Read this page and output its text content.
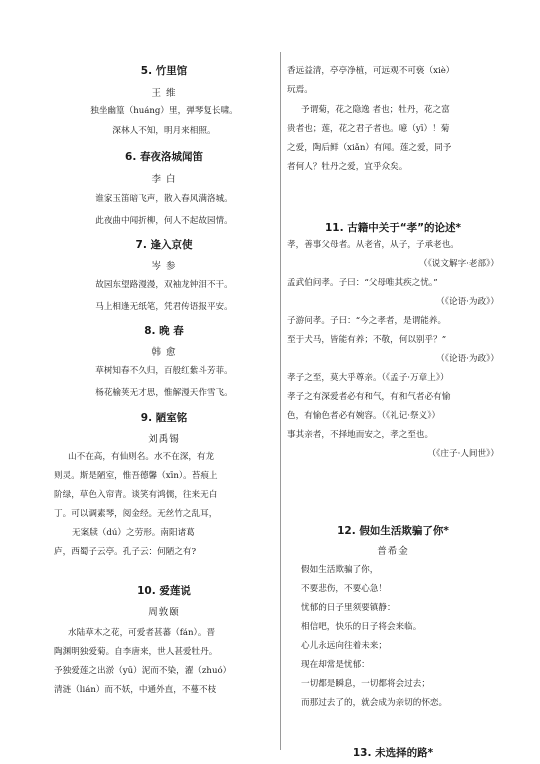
5. 竹里馆
王 维
独坐幽篁（huáng）里，弹琴复长啸。
深林人不知，明月来相照。
6. 春夜洛城闻笛
李 白
谁家玉笛暗飞声，散入春风满洛城。
此夜曲中闻折柳，何人不起故园情。
7. 逢入京使
岑 参
故园东望路漫漫，双袖龙钟泪不干。
马上相逢无纸笔，凭君传语报平安。
8. 晚 春
韩 愈
草树知春不久归，百般红紫斗芳菲。
杨花榆荚无才思，惟解漫天作雪飞。
9. 陋室铭
刘禹锡
山不在高，有仙则名。水不在深，有龙
则灵。斯是陋室，惟吾德馨（xīn）。苔痕上
阶绿，草色入帘青。谈笑有鸿儒，往来无白
丁。可以调素琴，阅金经。无丝竹之乱耳，
无案牍（dú）之劳形。南阳诸葛
庐，西蜀子云亭。孔子云：何陋之有?
10. 爱莲说
周敦颐
水陆草木之花，可爱者甚蕃（fán）。晋
陶渊明独爱菊。自李唐来，世人甚爱牡丹。
予独爱莲之出淤（yū）泥而不染，濯（zhuó）
清涟（lián）而不妖，中通外直，不蔓不枝
香远益清，亭亭净植，可远观不可亵（xiè）
玩焉。
予谓菊，花之隐逸 者也；牡丹，花之富
贵者也；莲，花之君子者也。噫（yī）！菊
之爱，陶后鲜（xiǎn）有闻。莲之爱，同予
者何人？牡丹之爱，宜乎众矣。
11. 古籍中关于“孝”的论述*
孝，善事父母者。从老省，从子，子承老也。
（《说文解字·老部》）
孟武伯问孝。子曰：“父母唯其疾之忧。”
（《论语·为政》）
子游问孝。子曰：“今之孝者，是谓能养。
至于犬马，皆能有养；不敬，何以别乎？”
（《论语·为政》）
孝子之至，莫大乎尊亲。（《孟子·万章上》）
孝子之有深爱者必有和气，有和气者必有愉
色，有愉色者必有婉容。（《礼记·祭义》）
事其亲者，不择地而安之，孝之至也。
（《庄子·人间世》）
12. 假如生活欺骗了你*
普希金
假如生活欺骗了你，
不要悲伤，不要心急！
忧郁的日子里须要镇静：
相信吧，快乐的日子将会来临。
心儿永远向往着未来；
现在却常是忧郁：
一切都是瞬息，一切都将会过去；
而那过去了的，就会成为亲切的怀恋。
13. 未选择的路*
